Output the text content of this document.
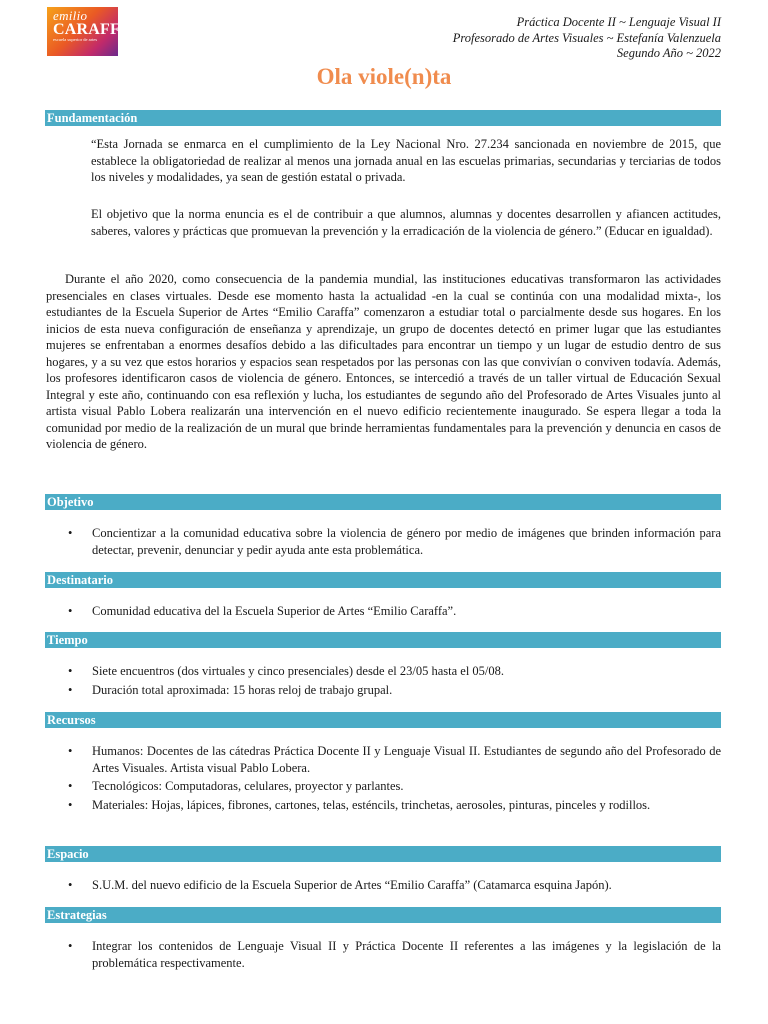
emilio
CARAFFA
escuela superior de artes
Práctica Docente II ~ Lenguaje Visual II
Profesorado de Artes Visuales ~ Estefanía Valenzuela
Segundo Año ~ 2022
Ola viole(n)ta
Fundamentación
“Esta Jornada se enmarca en el cumplimiento de la Ley Nacional Nro. 27.234 sancionada en noviembre de 2015, que establece la obligatoriedad de realizar al menos una jornada anual en las escuelas primarias, secundarias y terciarias de todos los niveles y modalidades, ya sean de gestión estatal o privada.
El objetivo que la norma enuncia es el de contribuir a que alumnos, alumnas y docentes desarrollen y afiancen actitudes, saberes, valores y prácticas que promuevan la prevención y la erradicación de la violencia de género.” (Educar en igualdad).
Durante el año 2020, como consecuencia de la pandemia mundial, las instituciones educativas transformaron las actividades presenciales en clases virtuales. Desde ese momento hasta la actualidad -en la cual se continúa con una modalidad mixta-, los estudiantes de la Escuela Superior de Artes “Emilio Caraffa” comenzaron a estudiar total o parcialmente desde sus hogares. En los inicios de esta nueva configuración de enseñanza y aprendizaje, un grupo de docentes detectó en primer lugar que las estudiantes mujeres se enfrentaban a enormes desafíos debido a las dificultades para encontrar un tiempo y un lugar de estudio dentro de sus hogares, y a su vez que estos horarios y espacios sean respetados por las personas con las que convivían o conviven todavía. Además, los profesores identificaron casos de violencia de género. Entonces, se intercedió a través de un taller virtual de Educación Sexual Integral y este año, continuando con esa reflexión y lucha, los estudiantes de segundo año del Profesorado de Artes Visuales junto al artista visual Pablo Lobera realizarán una intervención en el nuevo edificio recientemente inaugurado. Se espera llegar a toda la comunidad por medio de la realización de un mural que brinde herramientas fundamentales para la prevención y denuncia en casos de violencia de género.
Objetivo
• Concientizar a la comunidad educativa sobre la violencia de género por medio de imágenes que brinden información para detectar, prevenir, denunciar y pedir ayuda ante esta problemática.
Destinatario
• Comunidad educativa del la Escuela Superior de Artes “Emilio Caraffa”.
Tiempo
• Siete encuentros (dos virtuales y cinco presenciales) desde el 23/05 hasta el 05/08.
• Duración total aproximada: 15 horas reloj de trabajo grupal.
Recursos
• Humanos: Docentes de las cátedras Práctica Docente II y Lenguaje Visual II. Estudiantes de segundo año del Profesorado de Artes Visuales. Artista visual Pablo Lobera.
• Tecnológicos: Computadoras, celulares, proyector y parlantes.
• Materiales: Hojas, lápices, fibrones, cartones, telas, esténcils, trinchetas, aerosoles, pinturas, pinceles y rodillos.
Espacio
• S.U.M. del nuevo edificio de la Escuela Superior de Artes “Emilio Caraffa” (Catamarca esquina Japón).
Estrategias
• Integrar los contenidos de Lenguaje Visual II y Práctica Docente II referentes a las imágenes y la legislación de la problemática respectivamente.
